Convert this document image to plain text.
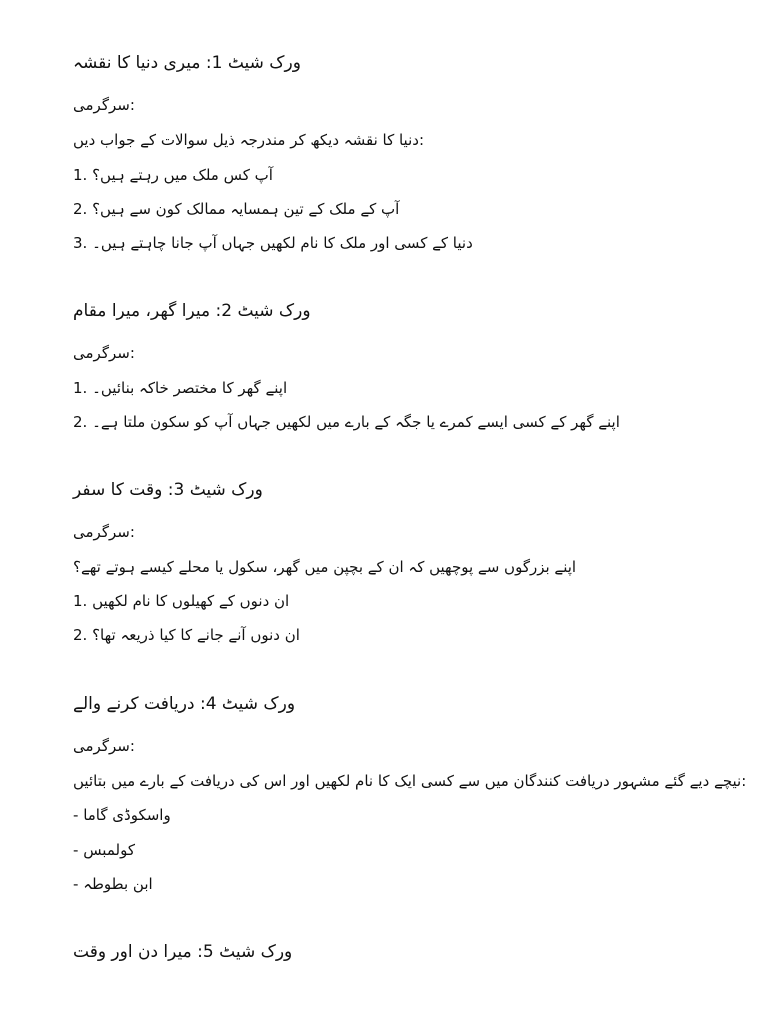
ورک شیٹ 1: میری دنیا کا نقشہ
سرگرمی:
دنیا کا نقشہ دیکھ کر مندرجہ ذیل سوالات کے جواب دیں:
1. آپ کس ملک میں رہتے ہیں؟
2. آپ کے ملک کے تین ہمسایہ ممالک کون سے ہیں؟
3. دنیا کے کسی اور ملک کا نام لکھیں جہاں آپ جانا چاہتے ہیں۔
ورک شیٹ 2: میرا گھر، میرا مقام
سرگرمی:
1. اپنے گھر کا مختصر خاکہ بنائیں۔
2. اپنے گھر کے کسی ایسے کمرے یا جگہ کے بارے میں لکھیں جہاں آپ کو سکون ملتا ہے۔
ورک شیٹ 3: وقت کا سفر
سرگرمی:
اپنے بزرگوں سے پوچھیں کہ ان کے بچپن میں گھر، سکول یا محلے کیسے ہوتے تھے؟
1. ان دنوں کے کھیلوں کا نام لکھیں
2. ان دنوں آنے جانے کا کیا ذریعہ تھا؟
ورک شیٹ 4: دریافت کرنے والے
سرگرمی:
نیچے دیے گئے مشہور دریافت کنندگان میں سے کسی ایک کا نام لکھیں اور اس کی دریافت کے بارے میں بتائیں:
- واسکوڈی گاما
- کولمبس
- ابن بطوطہ
ورک شیٹ 5: میرا دن اور وقت
